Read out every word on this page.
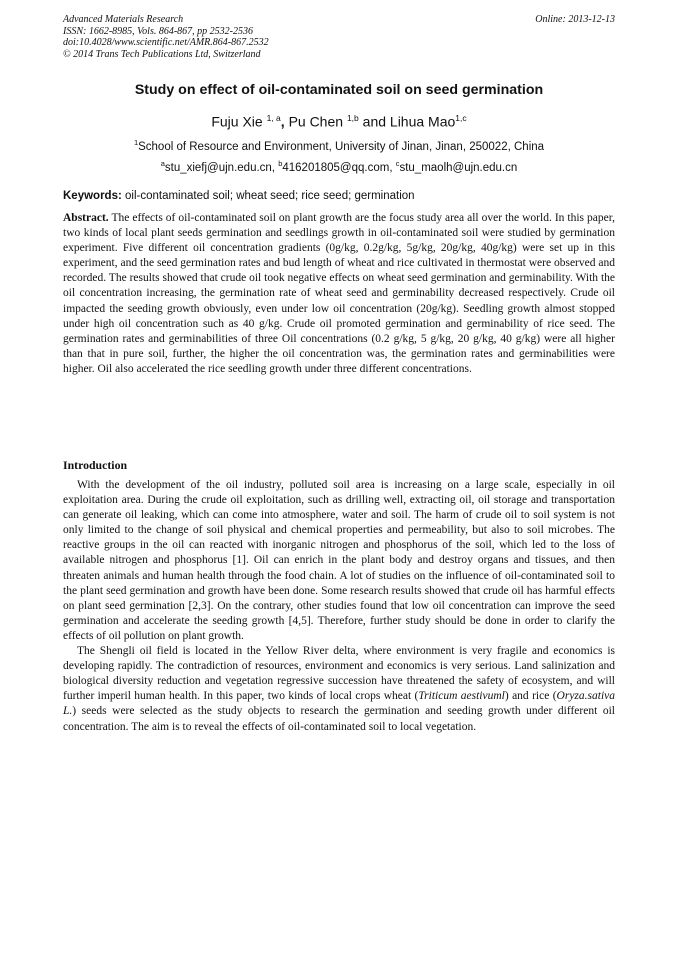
Advanced Materials Research
ISSN: 1662-8985, Vols. 864-867, pp 2532-2536
doi:10.4028/www.scientific.net/AMR.864-867.2532
© 2014 Trans Tech Publications Ltd, Switzerland
Online: 2013-12-13
Study on effect of oil-contaminated soil on seed germination
Fuju Xie $^{1, a}$, Pu Chen $^{1,b}$ and Lihua Mao$^{1,c}$
$^1$School of Resource and Environment, University of Jinan, Jinan, 250022, China
$^a$stu_xiefj@ujn.edu.cn, $^b$416201805@qq.com, $^c$stu_maolh@ujn.edu.cn
Keywords: oil-contaminated soil; wheat seed; rice seed; germination
Abstract. The effects of oil-contaminated soil on plant growth are the focus study area all over the world. In this paper, two kinds of local plant seeds germination and seedlings growth in oil-contaminated soil were studied by germination experiment. Five different oil concentration gradients (0g/kg, 0.2g/kg, 5g/kg, 20g/kg, 40g/kg) were set up in this experiment, and the seed germination rates and bud length of wheat and rice cultivated in thermostat were observed and recorded. The results showed that crude oil took negative effects on wheat seed germination and germinability. With the oil concentration increasing, the germination rate of wheat seed and germinability decreased respectively. Crude oil impacted the seeding growth obviously, even under low oil concentration (20g/kg). Seedling growth almost stopped under high oil concentration such as 40 g/kg. Crude oil promoted germination and germinability of rice seed. The germination rates and germinabilities of three Oil concentrations (0.2 g/kg, 5 g/kg, 20 g/kg, 40 g/kg) were all higher than that in pure soil, further, the higher the oil concentration was, the germination rates and germinabilities were higher. Oil also accelerated the rice seedling growth under three different concentrations.
Introduction

With the development of the oil industry, polluted soil area is increasing on a large scale, especially in oil exploitation area. During the crude oil exploitation, such as drilling well, extracting oil, oil storage and transportation can generate oil leaking, which can come into atmosphere, water and soil. The harm of crude oil to soil system is not only limited to the change of soil physical and chemical properties and permeability, but also to soil microbes. The reactive groups in the oil can reacted with inorganic nitrogen and phosphorus of the soil, which led to the loss of available nitrogen and phosphorus [1]. Oil can enrich in the plant body and destroy organs and tissues, and then threaten animals and human health through the food chain. A lot of studies on the influence of oil-contaminated soil to the plant seed germination and growth have been done. Some research results showed that crude oil has harmful effects on plant seed germination [2,3]. On the contrary, other studies found that low oil concentration can improve the seed germination and accelerate the seeding growth [4,5]. Therefore, further study should be done in order to clarify the effects of oil pollution on plant growth.

The Shengli oil field is located in the Yellow River delta, where environment is very fragile and economics is developing rapidly. The contradiction of resources, environment and economics is very serious. Land salinization and biological diversity reduction and vegetation regressive succession have threatened the safety of ecosystem, and will further imperil human health. In this paper, two kinds of local crops wheat (Triticum aestivuml) and rice (Oryza.sativa L.) seeds were selected as the study objects to research the germination and seeding growth under different oil concentration. The aim is to reveal the effects of oil-contaminated soil to local vegetation.
